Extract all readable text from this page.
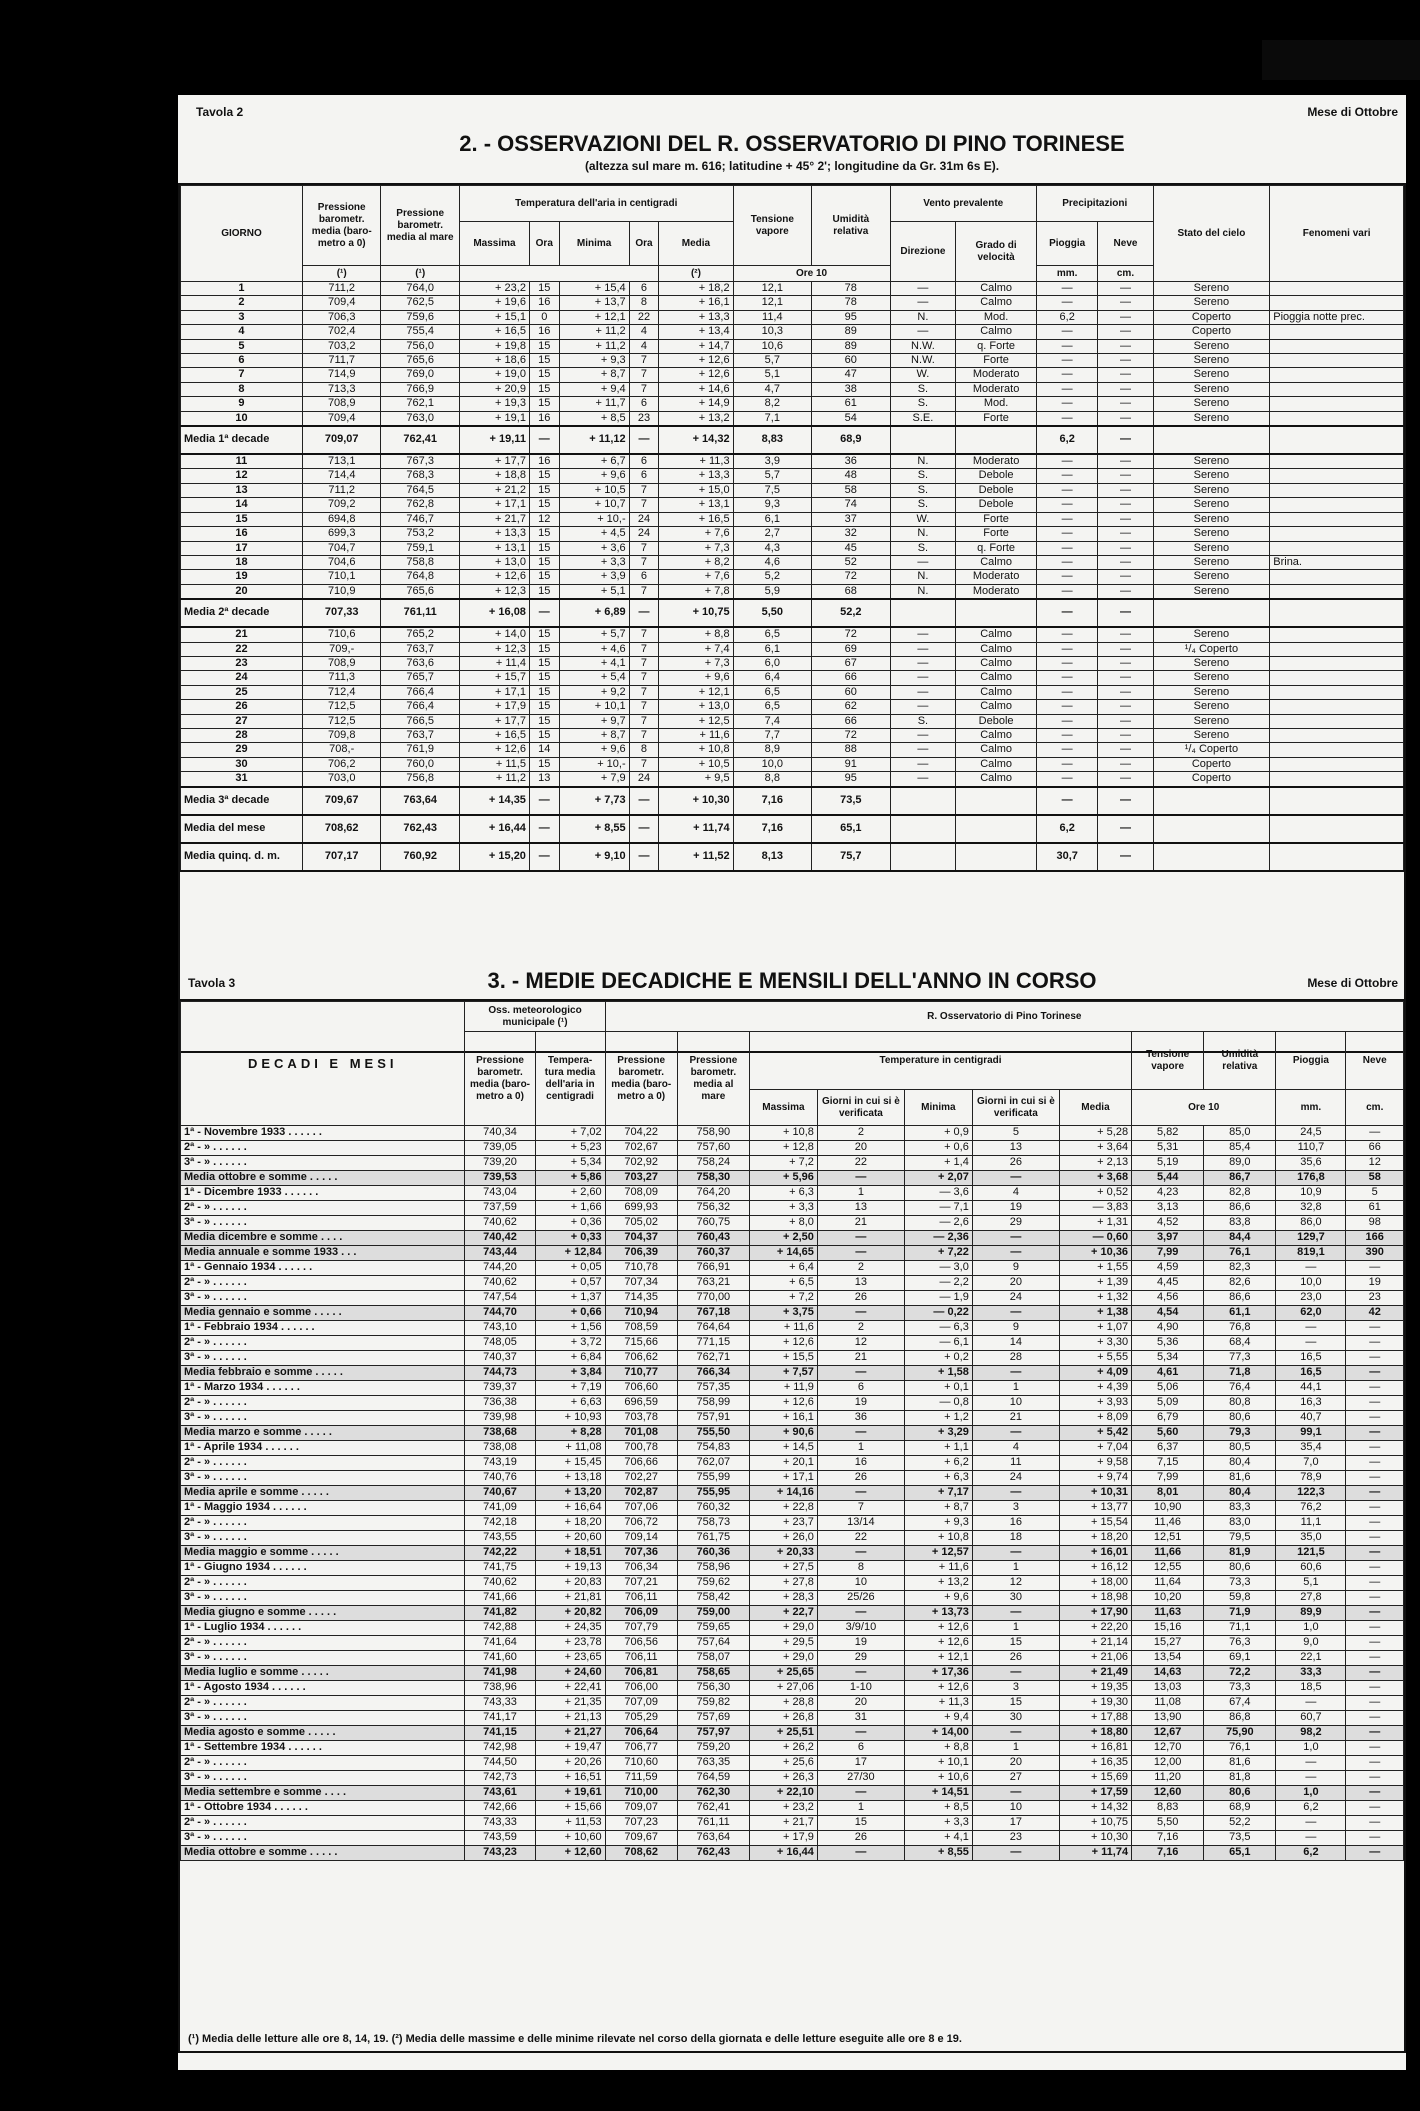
Tavola 2	Mese di Ottobre
2. - OSSERVAZIONI DEL R. OSSERVATORIO DI PINO TORINESE
(altezza sul mare m. 616; latitudine + 45° 2'; longitudine da Gr. 31m 6s E).
GIORNO	Pressione barometr. media (baro-metro a 0)	Pressione barometr. media al mare	Temperatura dell'aria in centigradi					Tensione vapore	Umidità relativa	Vento prevalente		Precipitazioni		Stato del cielo	Fenomeni vari
			Massima	Ora	Minima	Ora	Media			Direzione	Grado di velocità	Pioggia	Neve		
	(¹)	(¹)					(²)	Ore 10				mm.	cm.		
1	711,2	764,0	+ 23,2	15	+ 15,4	6	+ 18,2	12,1	78	—	Calmo	—	—	Sereno	
2	709,4	762,5	+ 19,6	16	+ 13,7	8	+ 16,1	12,1	78	—	Calmo	—	—	Sereno	
3	706,3	759,6	+ 15,1	0	+ 12,1	22	+ 13,3	11,4	95	N.	Mod.	6,2	—	Coperto	Pioggia notte prec.
4	702,4	755,4	+ 16,5	16	+ 11,2	4	+ 13,4	10,3	89	—	Calmo	—	—	Coperto	
5	703,2	756,0	+ 19,8	15	+ 11,2	4	+ 14,7	10,6	89	N.W.	q. Forte	—	—	Sereno	
6	711,7	765,6	+ 18,6	15	+ 9,3	7	+ 12,6	5,7	60	N.W.	Forte	—	—	Sereno	
7	714,9	769,0	+ 19,0	15	+ 8,7	7	+ 12,6	5,1	47	W.	Moderato	—	—	Sereno	
8	713,3	766,9	+ 20,9	15	+ 9,4	7	+ 14,6	4,7	38	S.	Moderato	—	—	Sereno	
9	708,9	762,1	+ 19,3	15	+ 11,7	6	+ 14,9	8,2	61	S.	Mod.	—	—	Sereno	
10	709,4	763,0	+ 19,1	16	+ 8,5	23	+ 13,2	7,1	54	S.E.	Forte	—	—	Sereno	
Media 1ª decade	709,07	762,41	+ 19,11	—	+ 11,12	—	+ 14,32	8,83	68,9			6,2	—		
11	713,1	767,3	+ 17,7	16	+ 6,7	6	+ 11,3	3,9	36	N.	Moderato	—	—	Sereno	
12	714,4	768,3	+ 18,8	15	+ 9,6	6	+ 13,3	5,7	48	S.	Debole	—	—	Sereno	
13	711,2	764,5	+ 21,2	15	+ 10,5	7	+ 15,0	7,5	58	S.	Debole	—	—	Sereno	
14	709,2	762,8	+ 17,1	15	+ 10,7	7	+ 13,1	9,3	74	S.	Debole	—	—	Sereno	
15	694,8	746,7	+ 21,7	12	+ 10,-	24	+ 16,5	6,1	37	W.	Forte	—	—	Sereno	
16	699,3	753,2	+ 13,3	15	+ 4,5	24	+ 7,6	2,7	32	N.	Forte	—	—	Sereno	
17	704,7	759,1	+ 13,1	15	+ 3,6	7	+ 7,3	4,3	45	S.	q. Forte	—	—	Sereno	
18	704,6	758,8	+ 13,0	15	+ 3,3	7	+ 8,2	4,6	52	—	Calmo	—	—	Sereno	Brina.
19	710,1	764,8	+ 12,6	15	+ 3,9	6	+ 7,6	5,2	72	N.	Moderato	—	—	Sereno	
20	710,9	765,6	+ 12,3	15	+ 5,1	7	+ 7,8	5,9	68	N.	Moderato	—	—	Sereno	
Media 2ª decade	707,33	761,11	+ 16,08	—	+ 6,89	—	+ 10,75	5,50	52,2			—	—		
21	710,6	765,2	+ 14,0	15	+ 5,7	7	+ 8,8	6,5	72	—	Calmo	—	—	Sereno	
22	709,-	763,7	+ 12,3	15	+ 4,6	7	+ 7,4	6,1	69	—	Calmo	—	—	¹/₄ Coperto	
23	708,9	763,6	+ 11,4	15	+ 4,1	7	+ 7,3	6,0	67	—	Calmo	—	—	Sereno	
24	711,3	765,7	+ 15,7	15	+ 5,4	7	+ 9,6	6,4	66	—	Calmo	—	—	Sereno	
25	712,4	766,4	+ 17,1	15	+ 9,2	7	+ 12,1	6,5	60	—	Calmo	—	—	Sereno	
26	712,5	766,4	+ 17,9	15	+ 10,1	7	+ 13,0	6,5	62	—	Calmo	—	—	Sereno	
27	712,5	766,5	+ 17,7	15	+ 9,7	7	+ 12,5	7,4	66	S.	Debole	—	—	Sereno	
28	709,8	763,7	+ 16,5	15	+ 8,7	7	+ 11,6	7,7	72	—	Calmo	—	—	Sereno	
29	708,-	761,9	+ 12,6	14	+ 9,6	8	+ 10,8	8,9	88	—	Calmo	—	—	¹/₄ Coperto	
30	706,2	760,0	+ 11,5	15	+ 10,-	7	+ 10,5	10,0	91	—	Calmo	—	—	Coperto	
31	703,0	756,8	+ 11,2	13	+ 7,9	24	+ 9,5	8,8	95	—	Calmo	—	—	Coperto	
Media 3ª decade	709,67	763,64	+ 14,35	—	+ 7,73	—	+ 10,30	7,16	73,5			—	—		
Media del mese	708,62	762,43	+ 16,44	—	+ 8,55	—	+ 11,74	7,16	65,1			6,2	—		
Media quinq. d. m.	707,17	760,92	+ 15,20	—	+ 9,10	—	+ 11,52	8,13	75,7			30,7	—		
Tavola 3	Mese di Ottobre
3. - MEDIE DECADICHE E MENSILI DELL'ANNO IN CORSO
DECADI E MESI	Oss. meteorologico municipale (¹)		R. Osservatorio di Pino Torinese										
	Pressione barometr. media (baro-metro a 0)	Tempera-tura media dell'aria in centigradi	Pressione barometr. media (baro-metro a 0)	Pressione barometr. media al mare	Temperature in centigradi					Tensione vapore	Umidità relativa	Pioggia	Neve
					Massima	Giorni in cui si è verificata	Minima	Giorni in cui si è verificata	Media	Ore 10		mm.	cm.
1ª - Novembre 1933 . . . . . .	740,34	+ 7,02	704,22	758,90	+ 10,8	2	+ 0,9	5	+ 5,28	5,82	85,0	24,5	—
2ª - » . . . . . .	739,05	+ 5,23	702,67	757,60	+ 12,8	20	+ 0,6	13	+ 3,64	5,31	85,4	110,7	66
3ª - » . . . . . .	739,20	+ 5,34	702,92	758,24	+ 7,2	22	+ 1,4	26	+ 2,13	5,19	89,0	35,6	12
Media ottobre e somme . . . . .	739,53	+ 5,86	703,27	758,30	+ 5,96	—	+ 2,07	—	+ 3,68	5,44	86,7	176,8	58
1ª - Dicembre 1933 . . . . . .	743,04	+ 2,60	708,09	764,20	+ 6,3	1	— 3,6	4	+ 0,52	4,23	82,8	10,9	5
2ª - » . . . . . .	737,59	+ 1,66	699,93	756,32	+ 3,3	13	— 7,1	19	— 3,83	3,13	86,6	32,8	61
3ª - » . . . . . .	740,62	+ 0,36	705,02	760,75	+ 8,0	21	— 2,6	29	+ 1,31	4,52	83,8	86,0	98
Media dicembre e somme . . . .	740,42	+ 0,33	704,37	760,43	+ 2,50	—	— 2,36	—	— 0,60	3,97	84,4	129,7	166
Media annuale e somme 1933 . . .	743,44	+ 12,84	706,39	760,37	+ 14,65	—	+ 7,22	—	+ 10,36	7,99	76,1	819,1	390
1ª - Gennaio 1934 . . . . . .	744,20	+ 0,05	710,78	766,91	+ 6,4	2	— 3,0	9	+ 1,55	4,59	82,3	—	—
2ª - » . . . . . .	740,62	+ 0,57	707,34	763,21	+ 6,5	13	— 2,2	20	+ 1,39	4,45	82,6	10,0	19
3ª - » . . . . . .	747,54	+ 1,37	714,35	770,00	+ 7,2	26	— 1,9	24	+ 1,32	4,56	86,6	23,0	23
Media gennaio e somme . . . . .	744,70	+ 0,66	710,94	767,18	+ 3,75	—	— 0,22	—	+ 1,38	4,54	61,1	62,0	42
1ª - Febbraio 1934 . . . . . .	743,10	+ 1,56	708,59	764,64	+ 11,6	2	— 6,3	9	+ 1,07	4,90	76,8	—	—
2ª - » . . . . . .	748,05	+ 3,72	715,66	771,15	+ 12,6	12	— 6,1	14	+ 3,30	5,36	68,4	—	—
3ª - » . . . . . .	740,37	+ 6,84	706,62	762,71	+ 15,5	21	+ 0,2	28	+ 5,55	5,34	77,3	16,5	—
Media febbraio e somme . . . . .	744,73	+ 3,84	710,77	766,34	+ 7,57	—	+ 1,58	—	+ 4,09	4,61	71,8	16,5	—
1ª - Marzo 1934 . . . . . .	739,37	+ 7,19	706,60	757,35	+ 11,9	6	+ 0,1	1	+ 4,39	5,06	76,4	44,1	—
2ª - » . . . . . .	736,38	+ 6,63	696,59	758,99	+ 12,6	19	— 0,8	10	+ 3,93	5,09	80,8	16,3	—
3ª - » . . . . . .	739,98	+ 10,93	703,78	757,91	+ 16,1	36	+ 1,2	21	+ 8,09	6,79	80,6	40,7	—
Media marzo e somme . . . . .	738,68	+ 8,28	701,08	755,50	+ 90,6	—	+ 3,29	—	+ 5,42	5,60	79,3	99,1	—
1ª - Aprile 1934 . . . . . .	738,08	+ 11,08	700,78	754,83	+ 14,5	1	+ 1,1	4	+ 7,04	6,37	80,5	35,4	—
2ª - » . . . . . .	743,19	+ 15,45	706,66	762,07	+ 20,1	16	+ 6,2	11	+ 9,58	7,15	80,4	7,0	—
3ª - » . . . . . .	740,76	+ 13,18	702,27	755,99	+ 17,1	26	+ 6,3	24	+ 9,74	7,99	81,6	78,9	—
Media aprile e somme . . . . .	740,67	+ 13,20	702,87	755,95	+ 14,16	—	+ 7,17	—	+ 10,31	8,01	80,4	122,3	—
1ª - Maggio 1934 . . . . . .	741,09	+ 16,64	707,06	760,32	+ 22,8	7	+ 8,7	3	+ 13,77	10,90	83,3	76,2	—
2ª - » . . . . . .	742,18	+ 18,20	706,72	758,73	+ 23,7	13/14	+ 9,3	16	+ 15,54	11,46	83,0	11,1	—
3ª - » . . . . . .	743,55	+ 20,60	709,14	761,75	+ 26,0	22	+ 10,8	18	+ 18,20	12,51	79,5	35,0	—
Media maggio e somme . . . . .	742,22	+ 18,51	707,36	760,36	+ 20,33	—	+ 12,57	—	+ 16,01	11,66	81,9	121,5	—
1ª - Giugno 1934 . . . . . .	741,75	+ 19,13	706,34	758,96	+ 27,5	8	+ 11,6	1	+ 16,12	12,55	80,6	60,6	—
2ª - » . . . . . .	740,62	+ 20,83	707,21	759,62	+ 27,8	10	+ 13,2	12	+ 18,00	11,64	73,3	5,1	—
3ª - » . . . . . .	741,66	+ 21,81	706,11	758,42	+ 28,3	25/26	+ 9,6	30	+ 18,98	10,20	59,8	27,8	—
Media giugno e somme . . . . .	741,82	+ 20,82	706,09	759,00	+ 22,7	—	+ 13,73	—	+ 17,90	11,63	71,9	89,9	—
1ª - Luglio 1934 . . . . . .	742,88	+ 24,35	707,79	759,65	+ 29,0	3/9/10	+ 12,6	1	+ 22,20	15,16	71,1	1,0	—
2ª - » . . . . . .	741,64	+ 23,78	706,56	757,64	+ 29,5	19	+ 12,6	15	+ 21,14	15,27	76,3	9,0	—
3ª - » . . . . . .	741,60	+ 23,65	706,11	758,07	+ 29,0	29	+ 12,1	26	+ 21,06	13,54	69,1	22,1	—
Media luglio e somme . . . . .	741,98	+ 24,60	706,81	758,65	+ 25,65	—	+ 17,36	—	+ 21,49	14,63	72,2	33,3	—
1ª - Agosto 1934 . . . . . .	738,96	+ 22,41	706,00	756,30	+ 27,06	1-10	+ 12,6	3	+ 19,35	13,03	73,3	18,5	—
2ª - » . . . . . .	743,33	+ 21,35	707,09	759,82	+ 28,8	20	+ 11,3	15	+ 19,30	11,08	67,4	—	—
3ª - » . . . . . .	741,17	+ 21,13	705,29	757,69	+ 26,8	31	+ 9,4	30	+ 17,88	13,90	86,8	60,7	—
Media agosto e somme . . . . .	741,15	+ 21,27	706,64	757,97	+ 25,51	—	+ 14,00	—	+ 18,80	12,67	75,90	98,2	—
1ª - Settembre 1934 . . . . . .	742,98	+ 19,47	706,77	759,20	+ 26,2	6	+ 8,8	1	+ 16,81	12,70	76,1	1,0	—
2ª - » . . . . . .	744,50	+ 20,26	710,60	763,35	+ 25,6	17	+ 10,1	20	+ 16,35	12,00	81,6	—	—
3ª - » . . . . . .	742,73	+ 16,51	711,59	764,59	+ 26,3	27/30	+ 10,6	27	+ 15,69	11,20	81,8	—	—
Media settembre e somme . . . .	743,61	+ 19,61	710,00	762,30	+ 22,10	—	+ 14,51	—	+ 17,59	12,60	80,6	1,0	—
1ª - Ottobre 1934 . . . . . .	742,66	+ 15,66	709,07	762,41	+ 23,2	1	+ 8,5	10	+ 14,32	8,83	68,9	6,2	—
2ª - » . . . . . .	743,33	+ 11,53	707,23	761,11	+ 21,7	15	+ 3,3	17	+ 10,75	5,50	52,2	—	—
3ª - » . . . . . .	743,59	+ 10,60	709,67	763,64	+ 17,9	26	+ 4,1	23	+ 10,30	7,16	73,5	—	—
Media ottobre e somme . . . . .	743,23	+ 12,60	708,62	762,43	+ 16,44	—	+ 8,55	—	+ 11,74	7,16	65,1	6,2	—
(¹) Media delle letture alle ore 8, 14, 19. (²) Media delle massime e delle minime rilevate nel corso della giornata e delle letture eseguite alle ore 8 e 19.
